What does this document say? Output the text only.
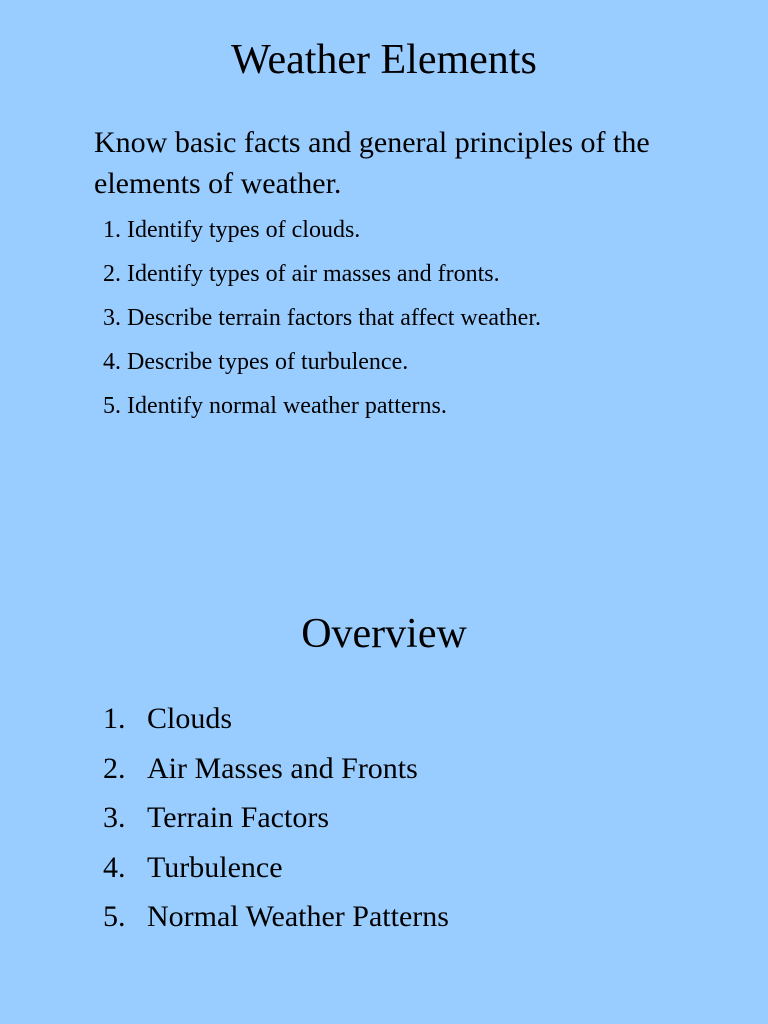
Weather Elements

Know basic facts and general principles of the elements of weather.

1. Identify types of clouds.
2. Identify types of air masses and fronts.
3. Describe terrain factors that affect weather.
4. Describe types of turbulence.
5. Identify normal weather patterns.
Overview
1. Clouds
2. Air Masses and Fronts
3. Terrain Factors
4. Turbulence
5. Normal Weather Patterns
